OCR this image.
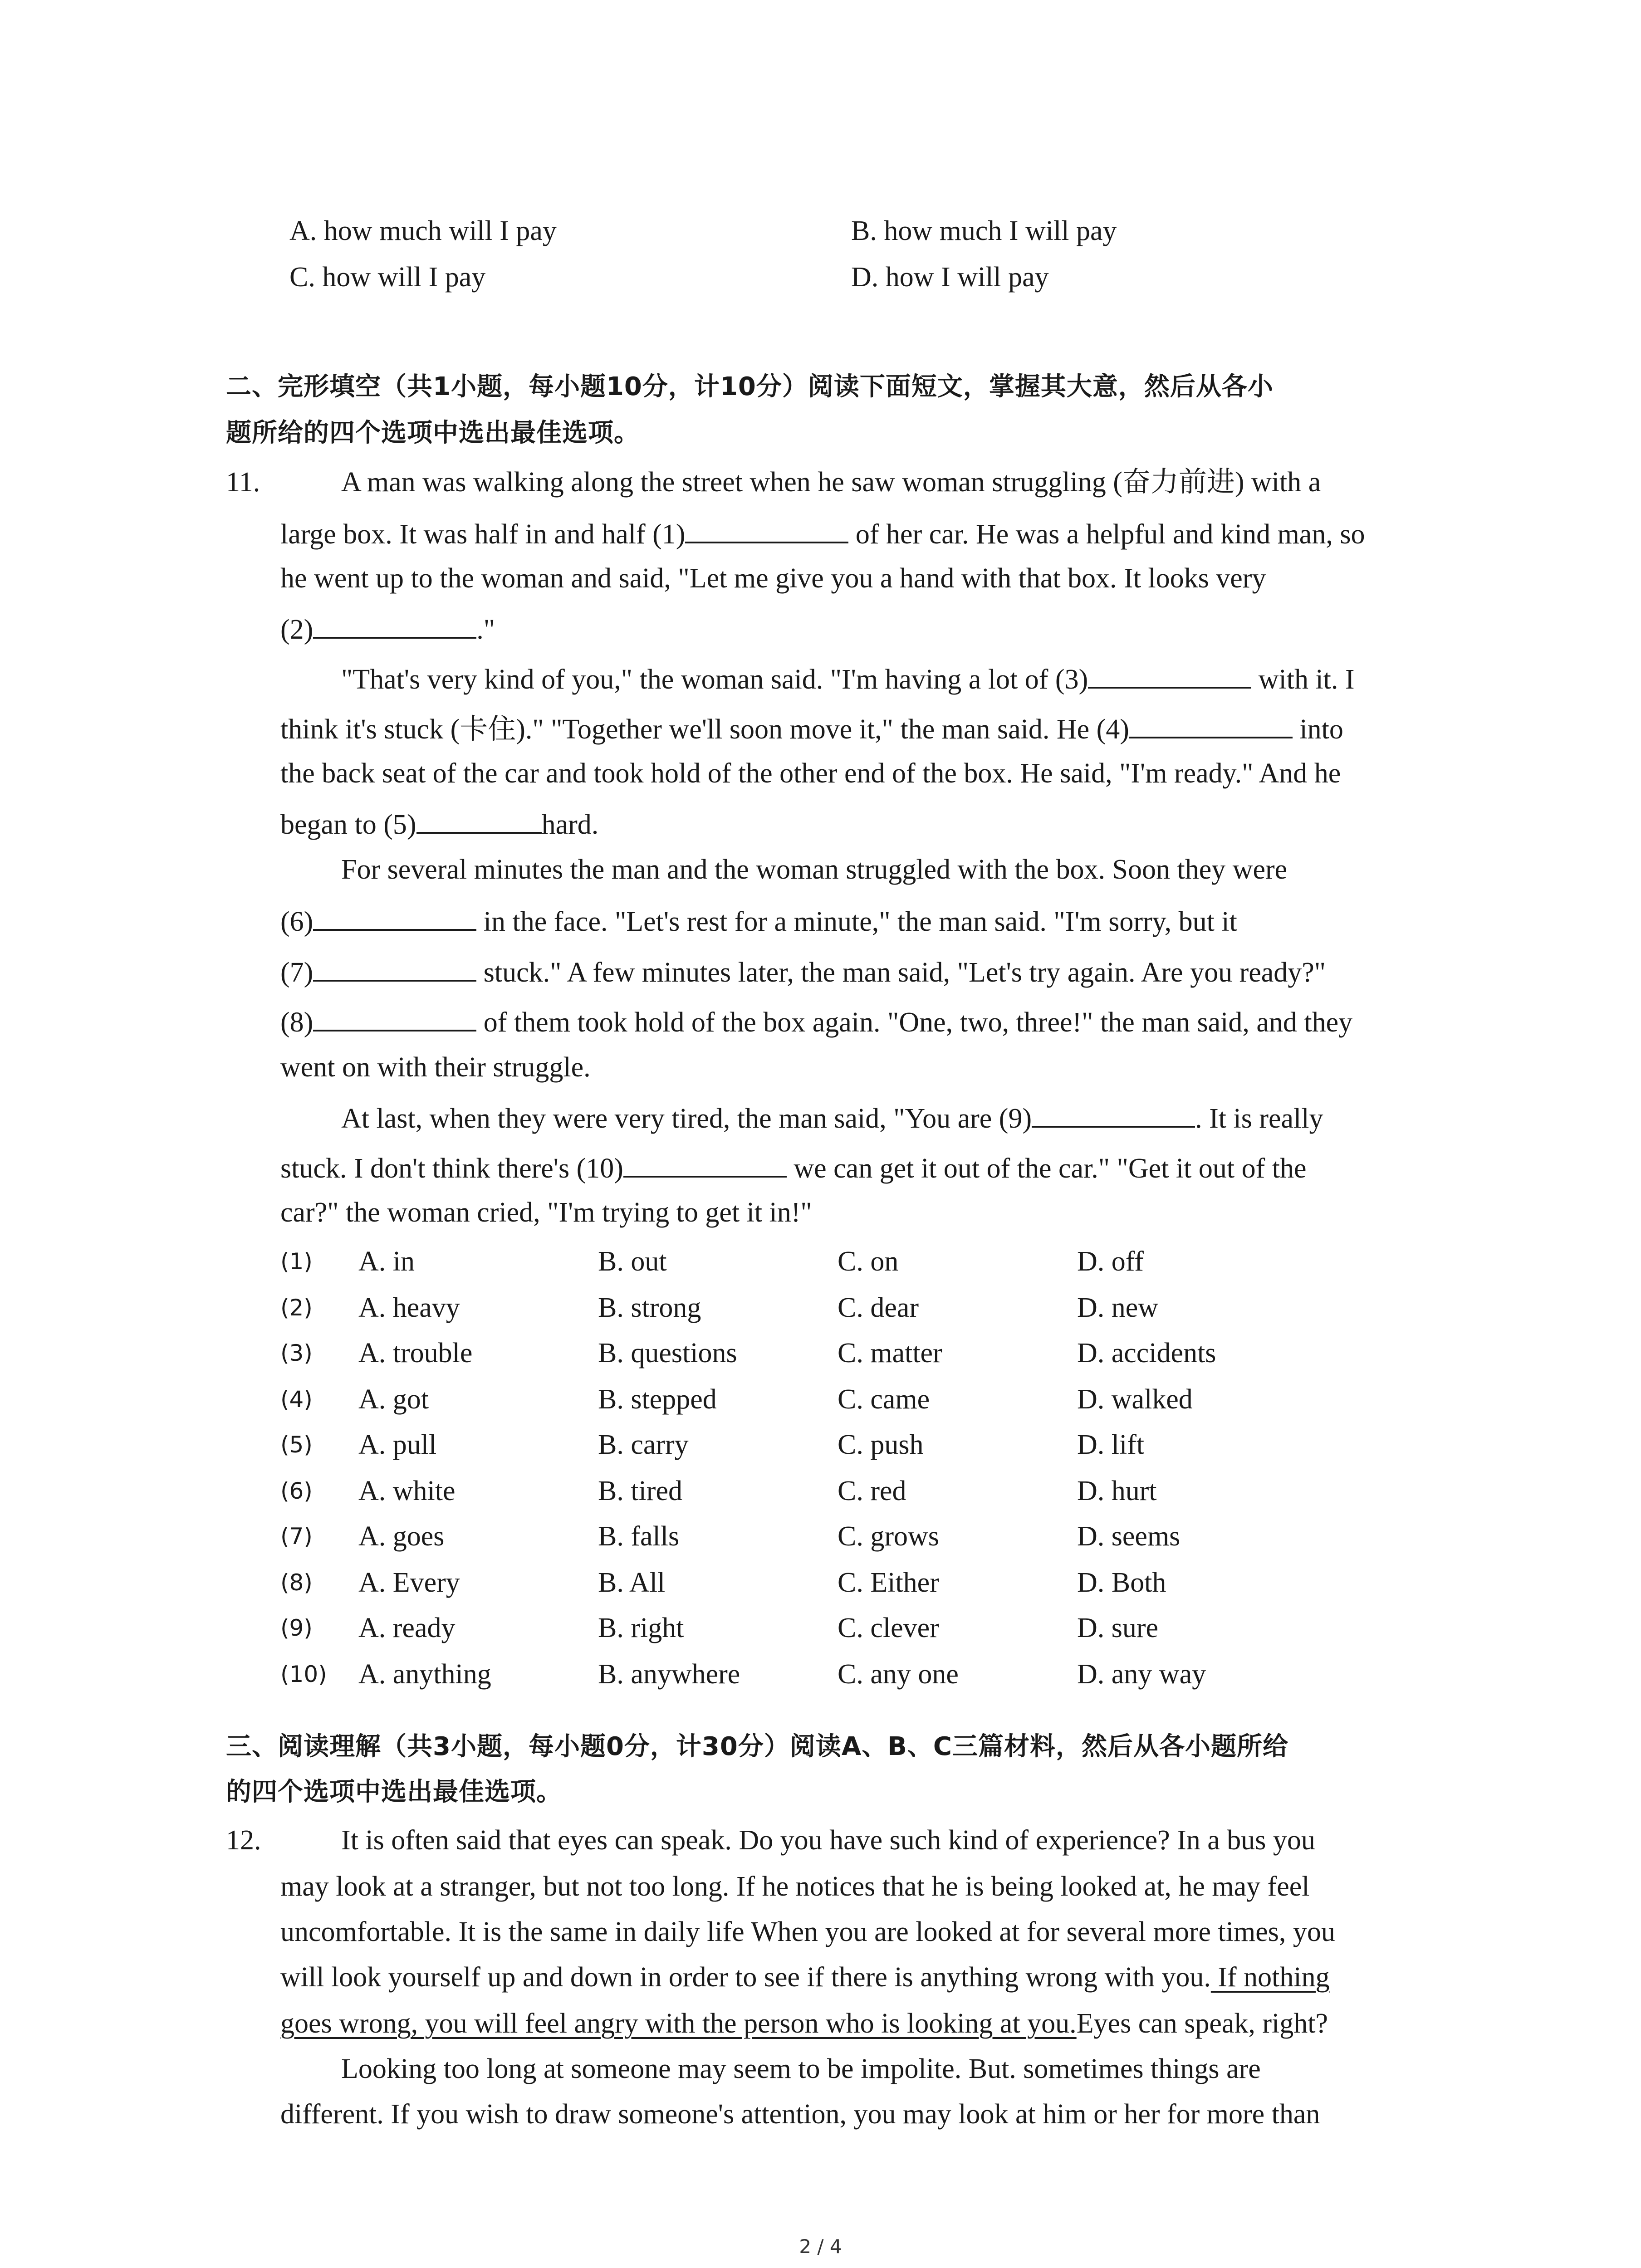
A. how much will I pay	B. how much I will pay
C. how will I pay	D. how I will pay
二、完形填空（共1小题，每小题10分，计10分）阅读下面短文，掌握其大意，然后从各小
题所给的四个选项中选出最佳选项。
11.	A man was walking along the street when he saw woman struggling (奋力前进) with a
large box. It was half in and half (1)	of her car. He was a helpful and kind man, so
he went up to the woman and said, "Let me give you a hand with that box. It looks very
(2)	."
"That's very kind of you," the woman said. "I'm having a lot of (3)	with it. I
think it's stuck (卡住)." "Together we'll soon move it," the man said. He (4)	into
the back seat of the car and took hold of the other end of the box. He said, "I'm ready." And he
began to (5)	hard.
For several minutes the man and the woman struggled with the box. Soon they were
(6)	in the face. "Let's rest for a minute," the man said. "I'm sorry, but it
(7)	stuck." A few minutes later, the man said, "Let's try again. Are you ready?"
(8)	of them took hold of the box again. "One, two, three!" the man said, and they
went on with their struggle.
At last, when they were very tired, the man said, "You are (9)	. It is really
stuck. I don't think there's (10)	we can get it out of the car." "Get it out of the
car?" the woman cried, "I'm trying to get it in!"
(1) A. in	B. out	C. on	D. off
(2) A. heavy	B. strong	C. dear	D. new
(3) A. trouble	B. questions	C. matter	D. accidents
(4) A. got	B. stepped	C. came	D. walked
(5) A. pull	B. carry	C. push	D. lift
(6) A. white	B. tired	C. red	D. hurt
(7) A. goes	B. falls	C. grows	D. seems
(8) A. Every	B. All	C. Either	D. Both
(9) A. ready	B. right	C. clever	D. sure
(10) A. anything	B. anywhere	C. any one	D. any way
三、阅读理解（共3小题，每小题0分，计30分）阅读A、B、C三篇材料，然后从各小题所给
的四个选项中选出最佳选项。
12.	It is often said that eyes can speak. Do you have such kind of experience? In a bus you
may look at a stranger, but not too long. If he notices that he is being looked at, he may feel
uncomfortable. It is the same in daily life When you are looked at for several more times, you
will look yourself up and down in order to see if there is anything wrong with you. If nothing
goes wrong, you will feel angry with the person who is looking at you.Eyes can speak, right?
Looking too long at someone may seem to be impolite. But. sometimes things are
different. If you wish to draw someone's attention, you may look at him or her for more than
2 / 4
